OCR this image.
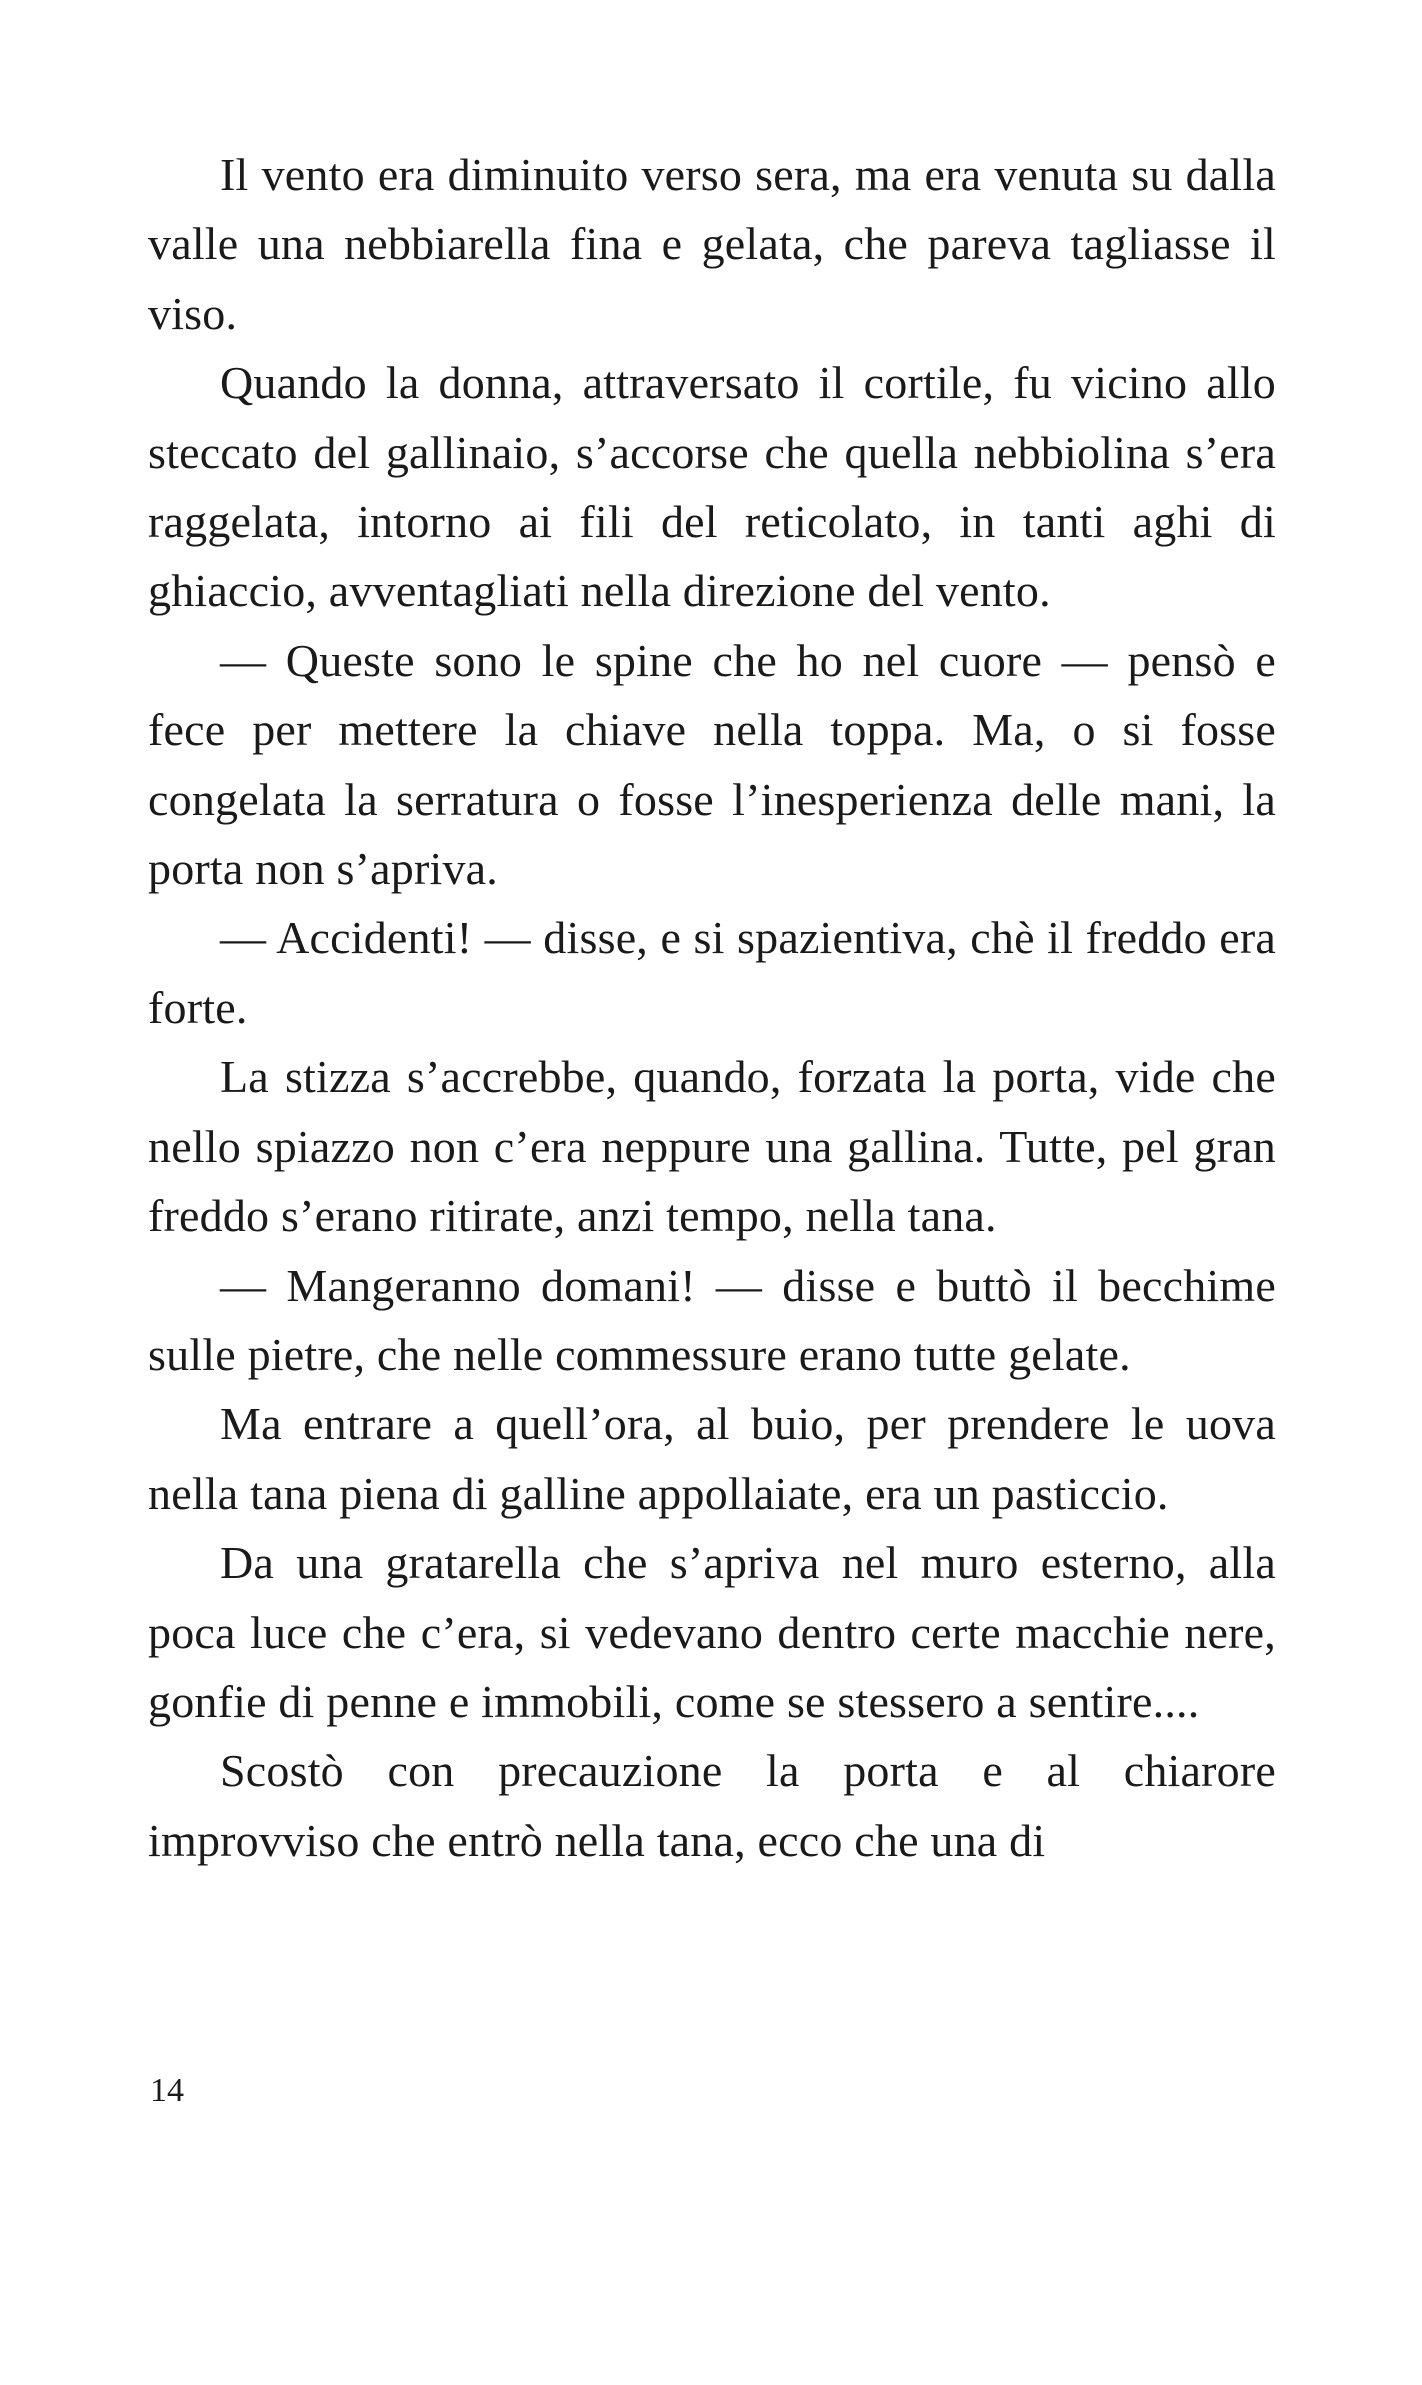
Il vento era diminuito verso sera, ma era venuta su dalla valle una nebbiarella fina e gelata, che pareva tagliasse il viso.

Quando la donna, attraversato il cortile, fu vicino allo steccato del gallinaio, s’accorse che quella nebbiolina s’era raggelata, intorno ai fili del reticolato, in tanti aghi di ghiaccio, avventagliati nella direzione del vento.

— Queste sono le spine che ho nel cuore — pensò e fece per mettere la chiave nella toppa. Ma, o si fosse congelata la serratura o fosse l’inesperienza delle mani, la porta non s’apriva.

— Accidenti! — disse, e si spazientiva, chè il freddo era forte.

La stizza s’accrebbe, quando, forzata la porta, vide che nello spiazzo non c’era neppure una gallina. Tutte, pel gran freddo s’erano ritirate, anzi tempo, nella tana.

— Mangeranno domani! — disse e buttò il becchime sulle pietre, che nelle commessure erano tutte gelate.

Ma entrare a quell’ora, al buio, per prendere le uova nella tana piena di galline appollaiate, era un pasticcio.

Da una gratarella che s’apriva nel muro esterno, alla poca luce che c’era, si vedevano dentro certe macchie nere, gonfie di penne e immobili, come se stessero a sentire....

Scostò con precauzione la porta e al chiarore improvviso che entrò nella tana, ecco che una di

14
